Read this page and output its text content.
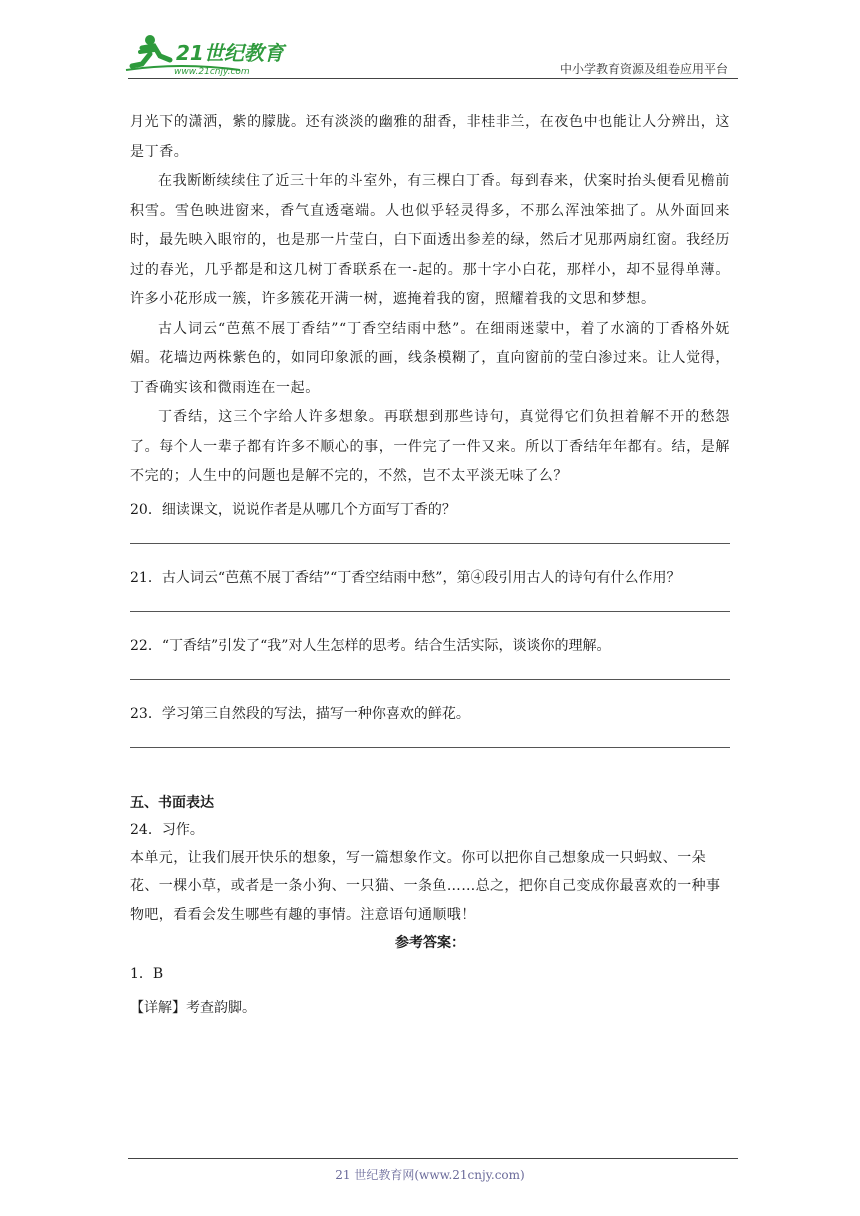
21世纪教育
www.21cnjy.com	中小学教育资源及组卷应用平台

月光下的潇洒，紫的朦胧。还有淡淡的幽雅的甜香，非桂非兰，在夜色中也能让人分辨出，这是丁香。

在我断断续续住了近三十年的斗室外，有三棵白丁香。每到春来，伏案时抬头便看见檐前积雪。雪色映进窗来，香气直透毫端。人也似乎轻灵得多，不那么浑浊笨拙了。从外面回来时，最先映入眼帘的，也是那一片莹白，白下面透出参差的绿，然后才见那两扇红窗。我经历过的春光，几乎都是和这几树丁香联系在一-起的。那十字小白花，那样小，却不显得单薄。许多小花形成一簇，许多簇花开满一树，遮掩着我的窗，照耀着我的文思和梦想。

古人词云“芭蕉不展丁香结”“丁香空结雨中愁”。在细雨迷蒙中，着了水滴的丁香格外妩媚。花墙边两株紫色的，如同印象派的画，线条模糊了，直向窗前的莹白渗过来。让人觉得，丁香确实该和微雨连在一起。

丁香结，这三个字给人许多想象。再联想到那些诗句，真觉得它们负担着解不开的愁怨了。每个人一辈子都有许多不顺心的事，一件完了一件又来。所以丁香结年年都有。结，是解不完的；人生中的问题也是解不完的，不然，岂不太平淡无味了么？

20．细读课文，说说作者是从哪几个方面写丁香的？

21．古人词云“芭蕉不展丁香结”“丁香空结雨中愁”，第④段引用古人的诗句有什么作用？

22．“丁香结”引发了“我”对人生怎样的思考。结合生活实际，谈谈你的理解。

23．学习第三自然段的写法，描写一种你喜欢的鲜花。

五、书面表达

24．习作。

本单元，让我们展开快乐的想象，写一篇想象作文。你可以把你自己想象成一只蚂蚁、一朵花、一棵小草，或者是一条小狗、一只猫、一条鱼……总之，把你自己变成你最喜欢的一种事物吧，看看会发生哪些有趣的事情。注意语句通顺哦！

参考答案：

1．B

【详解】考查韵脚。

21 世纪教育网(www.21cnjy.com)
